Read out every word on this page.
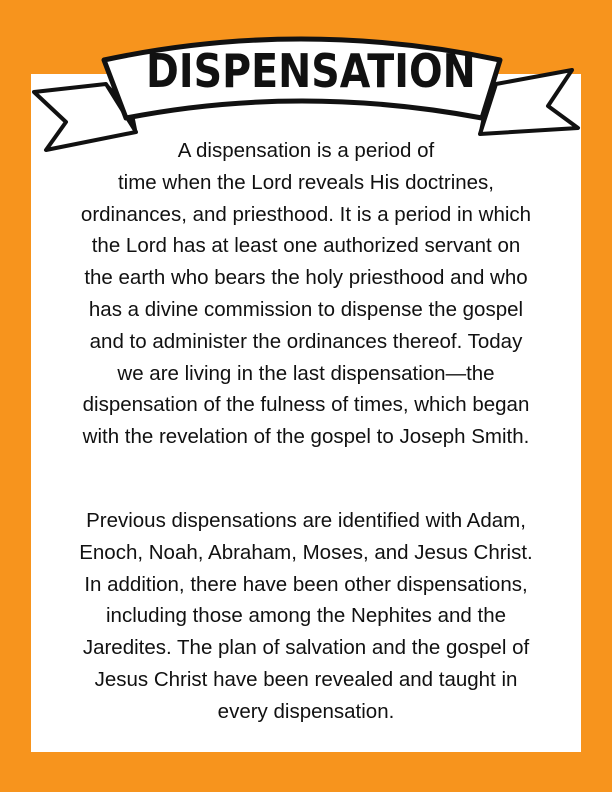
DISPENSATION
A dispensation is a period of
time when the Lord reveals His doctrines,
ordinances, and priesthood. It is a period in which
the Lord has at least one authorized servant on
the earth who bears the holy priesthood and who
has a divine commission to dispense the gospel
and to administer the ordinances thereof. Today
we are living in the last dispensation—the
dispensation of the fulness of times, which began
with the revelation of the gospel to Joseph Smith.
Previous dispensations are identified with Adam,
Enoch, Noah, Abraham, Moses, and Jesus Christ.
In addition, there have been other dispensations,
including those among the Nephites and the
Jaredites. The plan of salvation and the gospel of
Jesus Christ have been revealed and taught in
every dispensation.
